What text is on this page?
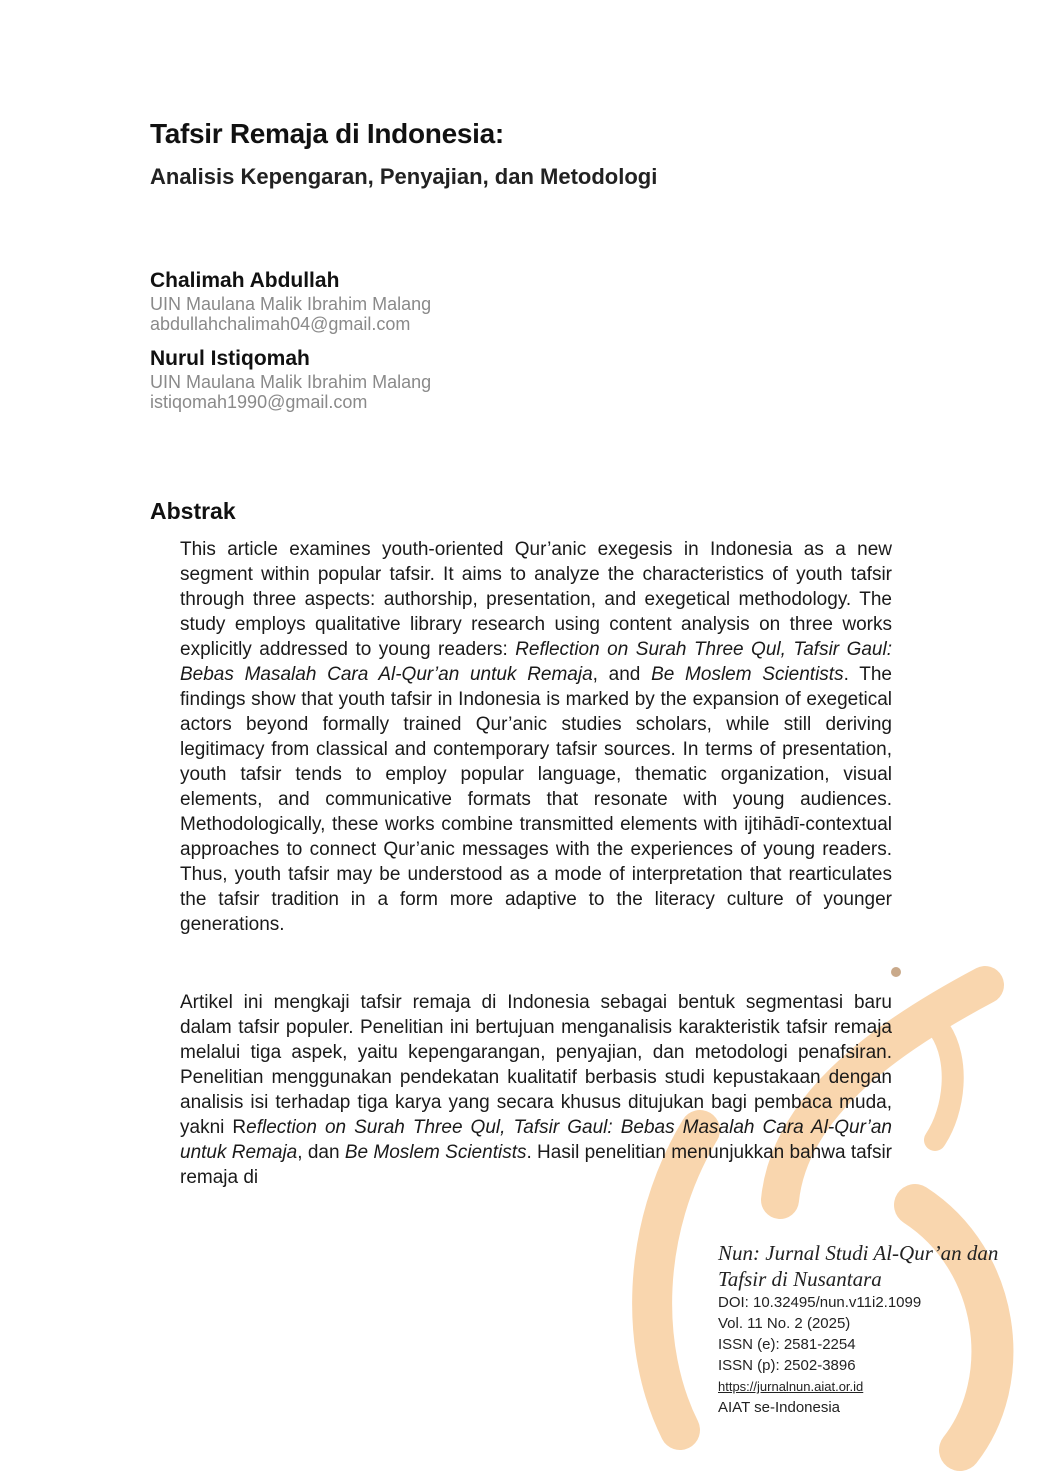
Tafsir Remaja di Indonesia:
Analisis Kepengaran, Penyajian, dan Metodologi
Chalimah Abdullah
UIN Maulana Malik Ibrahim Malang
abdullahchalimah04@gmail.com
Nurul Istiqomah
UIN Maulana Malik Ibrahim Malang
istiqomah1990@gmail.com
Abstrak

This article examines youth-oriented Qur’anic exegesis in Indonesia as a new segment within popular tafsir. It aims to analyze the characteristics of youth tafsir through three aspects: authorship, presentation, and exegetical methodology. The study employs qualitative library research using content analysis on three works explicitly addressed to young readers: Reflection on Surah Three Qul, Tafsir Gaul: Bebas Masalah Cara Al-Qur’an untuk Remaja, and Be Moslem Scientists. The findings show that youth tafsir in Indonesia is marked by the expansion of exegetical actors beyond formally trained Qur’anic studies scholars, while still deriving legitimacy from classical and contemporary tafsir sources. In terms of presentation, youth tafsir tends to employ popular language, thematic organization, visual elements, and communicative formats that resonate with young audiences. Methodologically, these works combine transmitted elements with ijtihādī-contextual approaches to connect Qur’anic messages with the experiences of young readers. Thus, youth tafsir may be understood as a mode of interpretation that rearticulates the tafsir tradition in a form more adaptive to the literacy culture of younger generations.

Artikel ini mengkaji tafsir remaja di Indonesia sebagai bentuk segmentasi baru dalam tafsir populer. Penelitian ini bertujuan menganalisis karakteristik tafsir remaja melalui tiga aspek, yaitu kepengarangan, penyajian, dan metodologi penafsiran. Penelitian menggunakan pendekatan kualitatif berbasis studi kepustakaan dengan analisis isi terhadap tiga karya yang secara khusus ditujukan bagi pembaca muda, yakni Reflection on Surah Three Qul, Tafsir Gaul: Bebas Masalah Cara Al-Qur’an untuk Remaja, dan Be Moslem Scientists. Hasil penelitian menunjukkan bahwa tafsir remaja di

Nun: Jurnal Studi Al-Qur’an dan
Tafsir di Nusantara
DOI: 10.32495/nun.v11i2.1099
Vol. 11 No. 2 (2025)
ISSN (e): 2581-2254
ISSN (p): 2502-3896
https://jurnalnun.aiat.or.id
AIAT se-Indonesia
